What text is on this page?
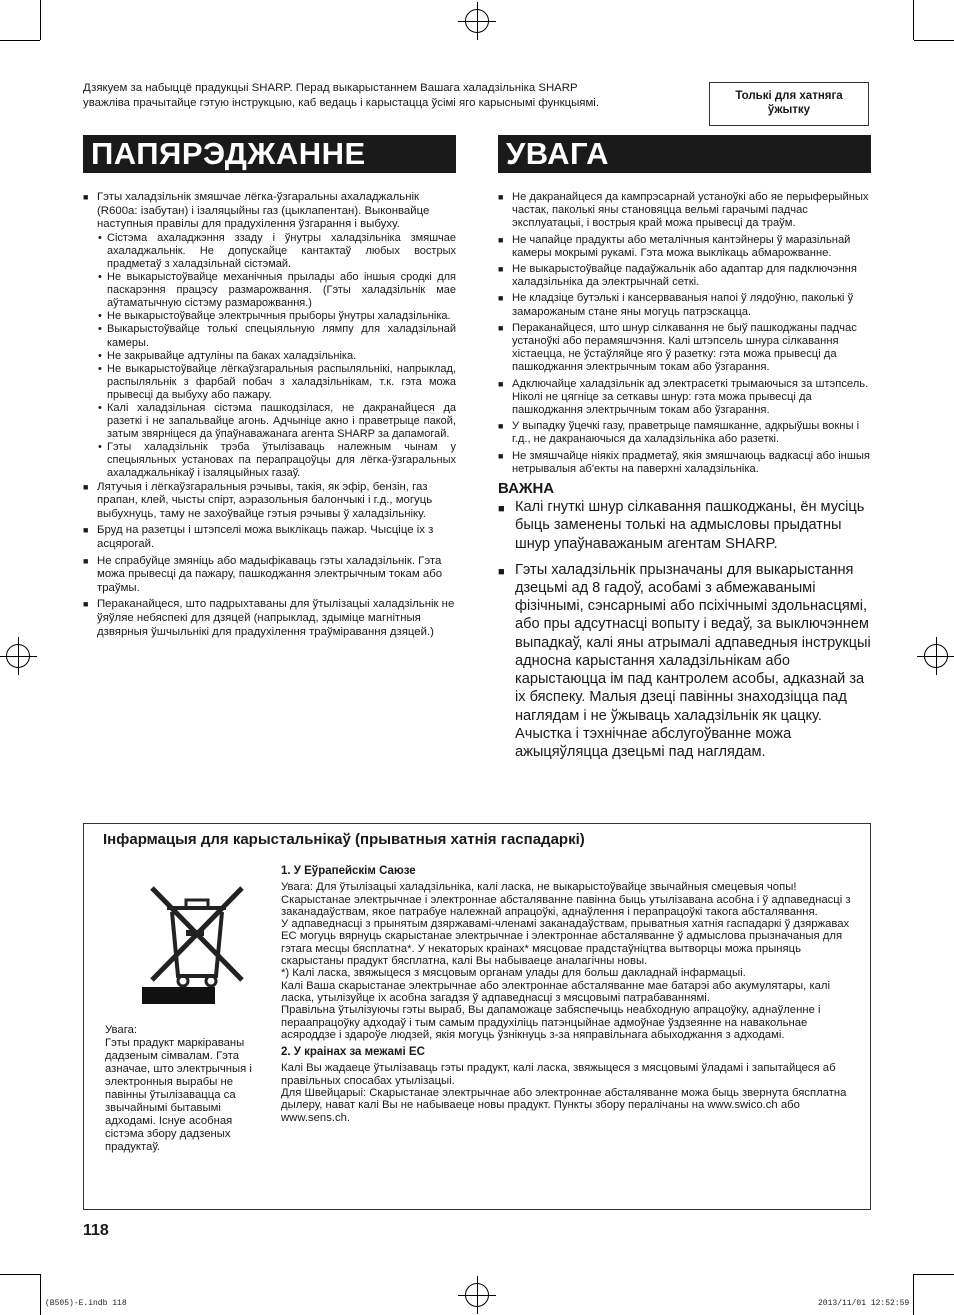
Дзякуем за набыццё прадукцыі SHARP. Перад выкарыстаннем Вашага халадзільніка SHARP
уважліва прачытайце гэтую інструкцыю, каб ведаць і карыстацца ўсімі яго карыснымі функцыямі.
Толькі для хатняга
ўжытку
ПАПЯРЭДЖАННЕ

■ Гэты халадзільнік змяшчае лёгка-ўзгаральны ахаладжальнік (R600a: ізабутан) і ізаляцыйны газ (цыклапентан). Выконвайце наступныя правілы для прадухілення ўзгарання і выбуху.

• Сістэма ахаладжэння ззаду і ўнутры халадзільніка змяшчае ахаладжальнік. Не допускайце кантактаў любых вострых прадметаў з халадзільнай сістэмай.

• Не выкарыстоўвайце механічныя прылады або іншыя сродкі для паскарэння працэсу размарожвання. (Гэты халадзільнік мае аўтаматычную сістэму размарожвання.)

• Не выкарыстоўвайце электрычныя прыборы ўнутры халадзільніка.

• Выкарыстоўвайце толькі спецыяльную лямпу для халадзільнай камеры.

• Не закрывайце адтуліны па баках халадзільніка.

• Не выкарыстоўвайце лёгкаўзгаральныя распыляльнікі, напрыклад, распыляльнік з фарбай побач з халадзільнікам, т.к. гэта можа прывесці да выбуху або пажару.

• Калі халадзільная сістэма пашкодзілася, не дакранайцеся да разеткі і не запальвайце агонь. Адчыніце акно і праветрыце пакой, затым звярніцеся да ўпаўнаважанага агента SHARP за дапамогай.

• Гэты халадзільнік трэба ўтылізаваць належным чынам у спецыяльных установах па перапрацоўцы для лёгка-ўзгаральных ахаладжальнікаў і ізаляцыйных газаў.

■ Лятучыя і лёгкаўзгаральныя рэчывы, такія, як эфір, бензін, газ прапан, клей, чысты спірт, аэразольныя балончыкі і г.д., могуць выбухнуць, таму не захоўвайце гэтыя рэчывы ў халадзільніку.

■ Бруд на разетцы і штэпселі можа выклікаць пажар. Чысціце іх з асцярогай.

■ Не спрабуйце змяніць або мадыфікаваць гэты халадзільнік. Гэта можа прывесці да пажару, пашкоджання электрычным токам або траўмы.

■ Пераканайцеся, што падрыхтаваны для ўтылізацыі халадзільнік не ўяўляе небяспекі для дзяцей (напрыклад, здыміце магнітныя дзвярныя ўшчыльнікі для прадухілення траўміравання дзяцей.)

УВАГА

■ Не дакранайцеся да кампрэсарнай устаноўкі або яе перыферыйных частак, паколькі яны становяцца вельмі гарачымі падчас эксплуатацыі, і вострыя край можа прывесці да траўм.

■ Не чапайце прадукты або металічныя кантэйнеры ў маразільнай камеры мокрымі рукамі. Гэта можа выклікаць абмарожванне.

■ Не выкарыстоўвайце падаўжальнік або адаптар для падключэння халадзільніка да электрычнай сеткі.

■ Не кладзіце бутэлькі і кансерваваныя напоі ў лядоўню, паколькі ў замарожаным стане яны могуць патрэскацца.

■ Пераканайцеся, што шнур сілкавання не быў пашкоджаны падчас устаноўкі або перамяшчэння. Калі штэпсель шнура сілкавання хістаецца, не ўстаўляйце яго ў разетку: гэта можа прывесці да пашкоджання электрычным токам або ўзгарання.

■ Адключайце халадзільнік ад электрасеткі трымаючыся за штэпсель. Ніколі не цягніце за сеткавы шнур: гэта можа прывесці да пашкоджання электрычным токам або ўзгарання.

■ У выпадку ўцечкі газу, праветрыце памяшканне, адкрыўшы вокны і г.д., не дакранаючыся да халадзільніка або разеткі.

■ Не змяшчайце ніякіх прадметаў, якія змяшчаюць вадкасці або іншыя нетрывалыя аб'екты на паверхні халадзільніка.

ВАЖНА

■ Калі гнуткі шнур сілкавання пашкоджаны, ён мусіць быць заменены толькі на адмысловы прыдатны шнур упаўнаважаным агентам SHARP.

■ Гэты халадзільнік прызначаны для выкарыстання дзецьмі ад 8 гадоў, асобамі з абмежаванымі фізічнымі, сэнсарнымі або псіхічнымі здольнасцямі, або пры адсутнасці вопыту і ведаў, за выключэннем выпадкаў, калі яны атрымалі адпаведныя інструкцыі адносна карыстання халадзільнікам або карыстаюцца ім пад кантролем асобы, адказнай за іх бяспеку. Малыя дзеці павінны знаходзіцца пад наглядам і не ўжываць халадзільнік як цацку. Ачыстка і тэхнічнае абслугоўванне можа ажыцяўляцца дзецьмі пад наглядам.

Інфармацыя для карыстальнікаў (прыватныя хатнія гаспадаркі)
Увага:
Гэты прадукт маркіраваны дадзеным сімвалам. Гэта азначае, што электрычныя і электронныя вырабы не павінны ўтылізавацца са звычайнымі бытавымі адходамі. Існуе асобная сістэма збору дадзеных прадуктаў.
1. У Еўрапейскім Саюзе

Увага: Для ўтылізацыі халадзільніка, калі ласка, не выкарыстоўвайце звычайныя смецевыя чопы!

Скарыстанае электрычнае і электроннае абсталяванне павінна быць утылізавана асобна і ў адпаведнасці з заканадаўствам, якое патрабуе належнай апрацоўкі, аднаўлення і перапрацоўкі такога абсталявання.

У адпаведнасці з прынятым дзяржавамі-членамі заканадаўствам, прыватныя хатнія гаспадаркі ў дзяржавах ЕС могуць вярнуць скарыстанае электрычнае і электроннае абсталяванне ў адмыслова прызначаныя для гэтага месцы бясплатна*. У некаторых краінах* мясцовае прадстаўніцтва вытворцы можа прыняць скарыстаны прадукт бясплатна, калі Вы набываеце аналагічны новы.

*) Калі ласка, звяжыцеся з мясцовым органам улады для больш дакладнай інфармацыі.

Калі Ваша скарыстанае электрычнае або электроннае абсталяванне мае батарэі або акумулятары, калі ласка, утылізуйце іх асобна загадзя ў адпаведнасці з мясцовымі патрабаваннямі.

Правільна ўтылізуючы гэты выраб, Вы дапаможаце забяспечыць неабходную апрацоўку, аднаўленне і пераапрацоўку адходаў і тым самым прадухіліць патэнцыйнае адмоўнае ўздзеянне на навакольнае асяроддзе і здароўе людзей, якія могуць ўзнікнуць з-за няправільнага абыходжання з адходамі.

2. У краінах за межамі ЕС

Калі Вы жадаеце ўтылізаваць гэты прадукт, калі ласка, звяжыцеся з мясцовымі ўладамі і запытайцеся аб правільных спосабах утылізацыі.

Для Швейцарыі: Скарыстанае электрычнае або электроннае абсталяванне можа быць звернута бясплатна дылеру, нават калі Вы не набываеце новы прадукт. Пункты збору пералічаны на www.swico.ch або www.sens.ch.

118
(B505)-E.indb 118	2013/11/01 12:52:59
